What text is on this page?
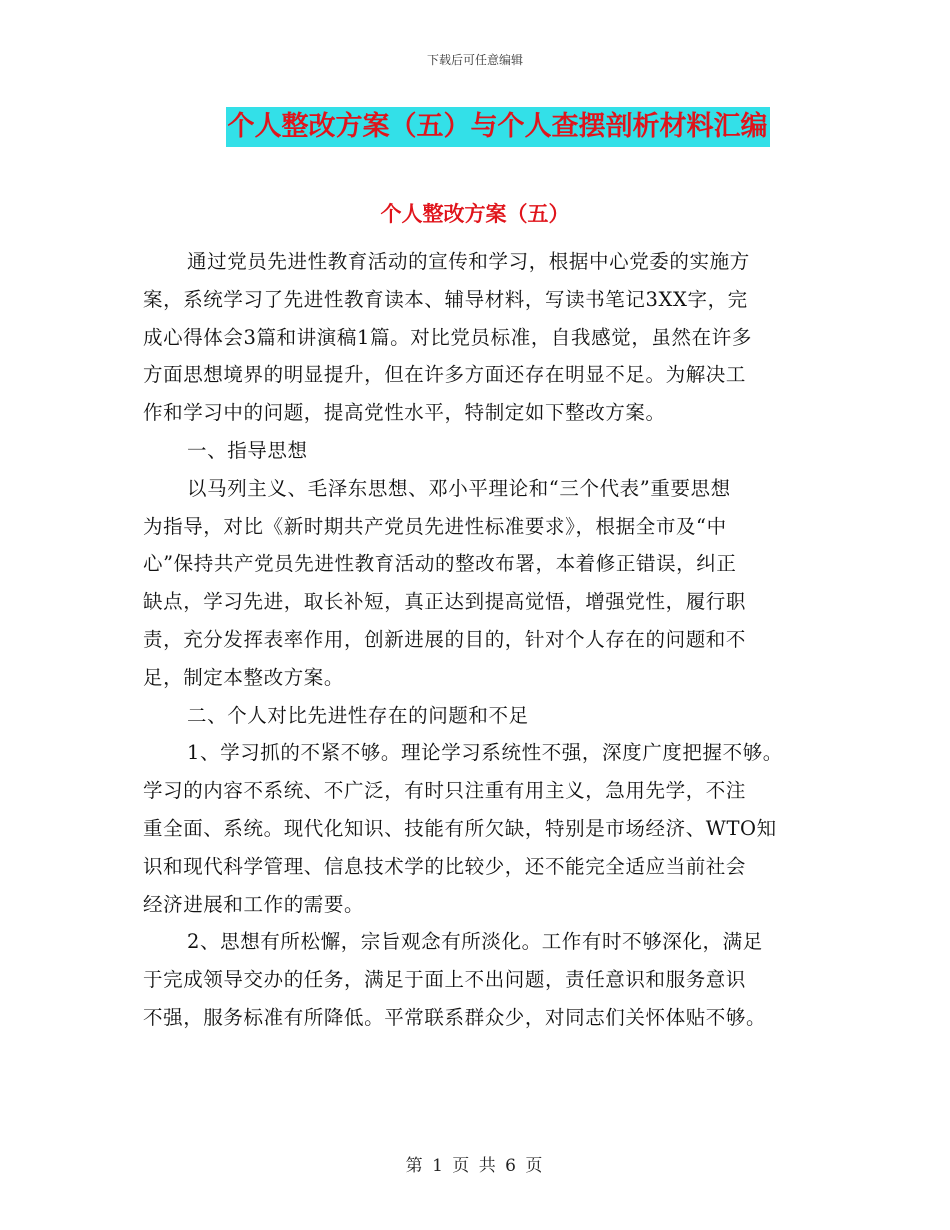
下载后可任意编辑
个人整改方案（五）与个人查摆剖析材料汇编
个人整改方案（五）
通过党员先进性教育活动的宣传和学习，根据中心党委的实施方
案，系统学习了先进性教育读本、辅导材料，写读书笔记3XX字，完
成心得体会3篇和讲演稿1篇。对比党员标准，自我感觉，虽然在许多
方面思想境界的明显提升，但在许多方面还存在明显不足。为解决工
作和学习中的问题，提高党性水平，特制定如下整改方案。
一、指导思想
以马列主义、毛泽东思想、邓小平理论和“三个代表”重要思想
为指导，对比《新时期共产党员先进性标准要求》，根据全市及“中
心”保持共产党员先进性教育活动的整改布署，本着修正错误，纠正
缺点，学习先进，取长补短，真正达到提高觉悟，增强党性，履行职
责，充分发挥表率作用，创新进展的目的，针对个人存在的问题和不
足，制定本整改方案。
二、个人对比先进性存在的问题和不足
1、学习抓的不紧不够。理论学习系统性不强，深度广度把握不够。
学习的内容不系统、不广泛，有时只注重有用主义，急用先学，不注
重全面、系统。现代化知识、技能有所欠缺，特别是市场经济、WTO知
识和现代科学管理、信息技术学的比较少，还不能完全适应当前社会
经济进展和工作的需要。
2、思想有所松懈，宗旨观念有所淡化。工作有时不够深化，满足
于完成领导交办的任务，满足于面上不出问题，责任意识和服务意识
不强，服务标准有所降低。平常联系群众少，对同志们关怀体贴不够。
第 1 页 共 6 页
